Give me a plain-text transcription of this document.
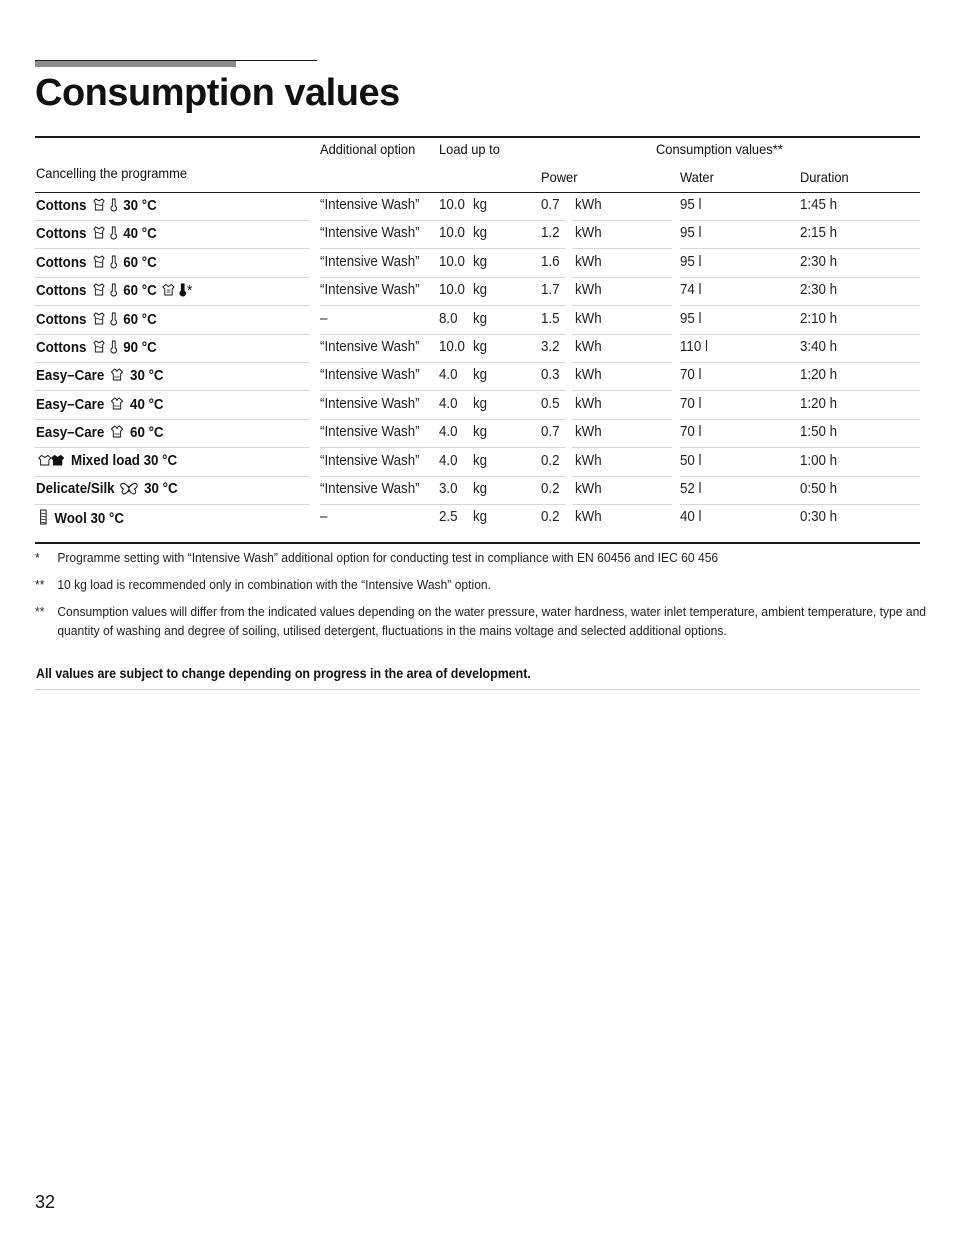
Consumption values
Cancelling the programme
Additional option Load up to	Consumption values**
Power	Water	Duration
Cottons	30 °C	“Intensive Wash” 10.0 kg	0.7 kWh	95 l	1:45 h
Cottons	40 °C	“Intensive Wash” 10.0 kg	1.2 kWh	95 l	2:15 h
Cottons	60 °C	“Intensive Wash” 10.0 kg	1.6 kWh	95 l	2:30 h
Cottons	60 °C *	“Intensive Wash” 10.0 kg	1.7 kWh	74 l	2:30 h
Cottons	60 °C	–	8.0 kg	1.5 kWh	95 l	2:10 h
Cottons	90 °C	“Intensive Wash” 10.0 kg	3.2 kWh	110 l	3:40 h
Easy–Care 30 °C	“Intensive Wash” 4.0 kg	0.3 kWh	70 l	1:20 h
Easy–Care 40 °C	“Intensive Wash” 4.0 kg	0.5 kWh	70 l	1:20 h
Easy–Care 60 °C	“Intensive Wash” 4.0 kg	0.7 kWh	70 l	1:50 h
Mixed load 30 °C	“Intensive Wash” 4.0 kg	0.2 kWh	50 l	1:00 h
Delicate/Silk 30 °C	“Intensive Wash” 3.0 kg	0.2 kWh	52 l	0:50 h
Wool 30 °C	–	2.5 kg	0.2 kWh	40 l	0:30 h
* Programme setting with “Intensive Wash” additional option for conducting test in compliance with EN 60456 and IEC 60 456
** 10 kg load is recommended only in combination with the “Intensive Wash” option.
** Consumption values will differ from the indicated values depending on the water pressure, water hardness, water inlet temperature, ambient temperature, type and quantity of washing and degree of soiling, utilised detergent, fluctuations in the mains voltage and selected additional options.
All values are subject to change depending on progress in the area of development.
32
